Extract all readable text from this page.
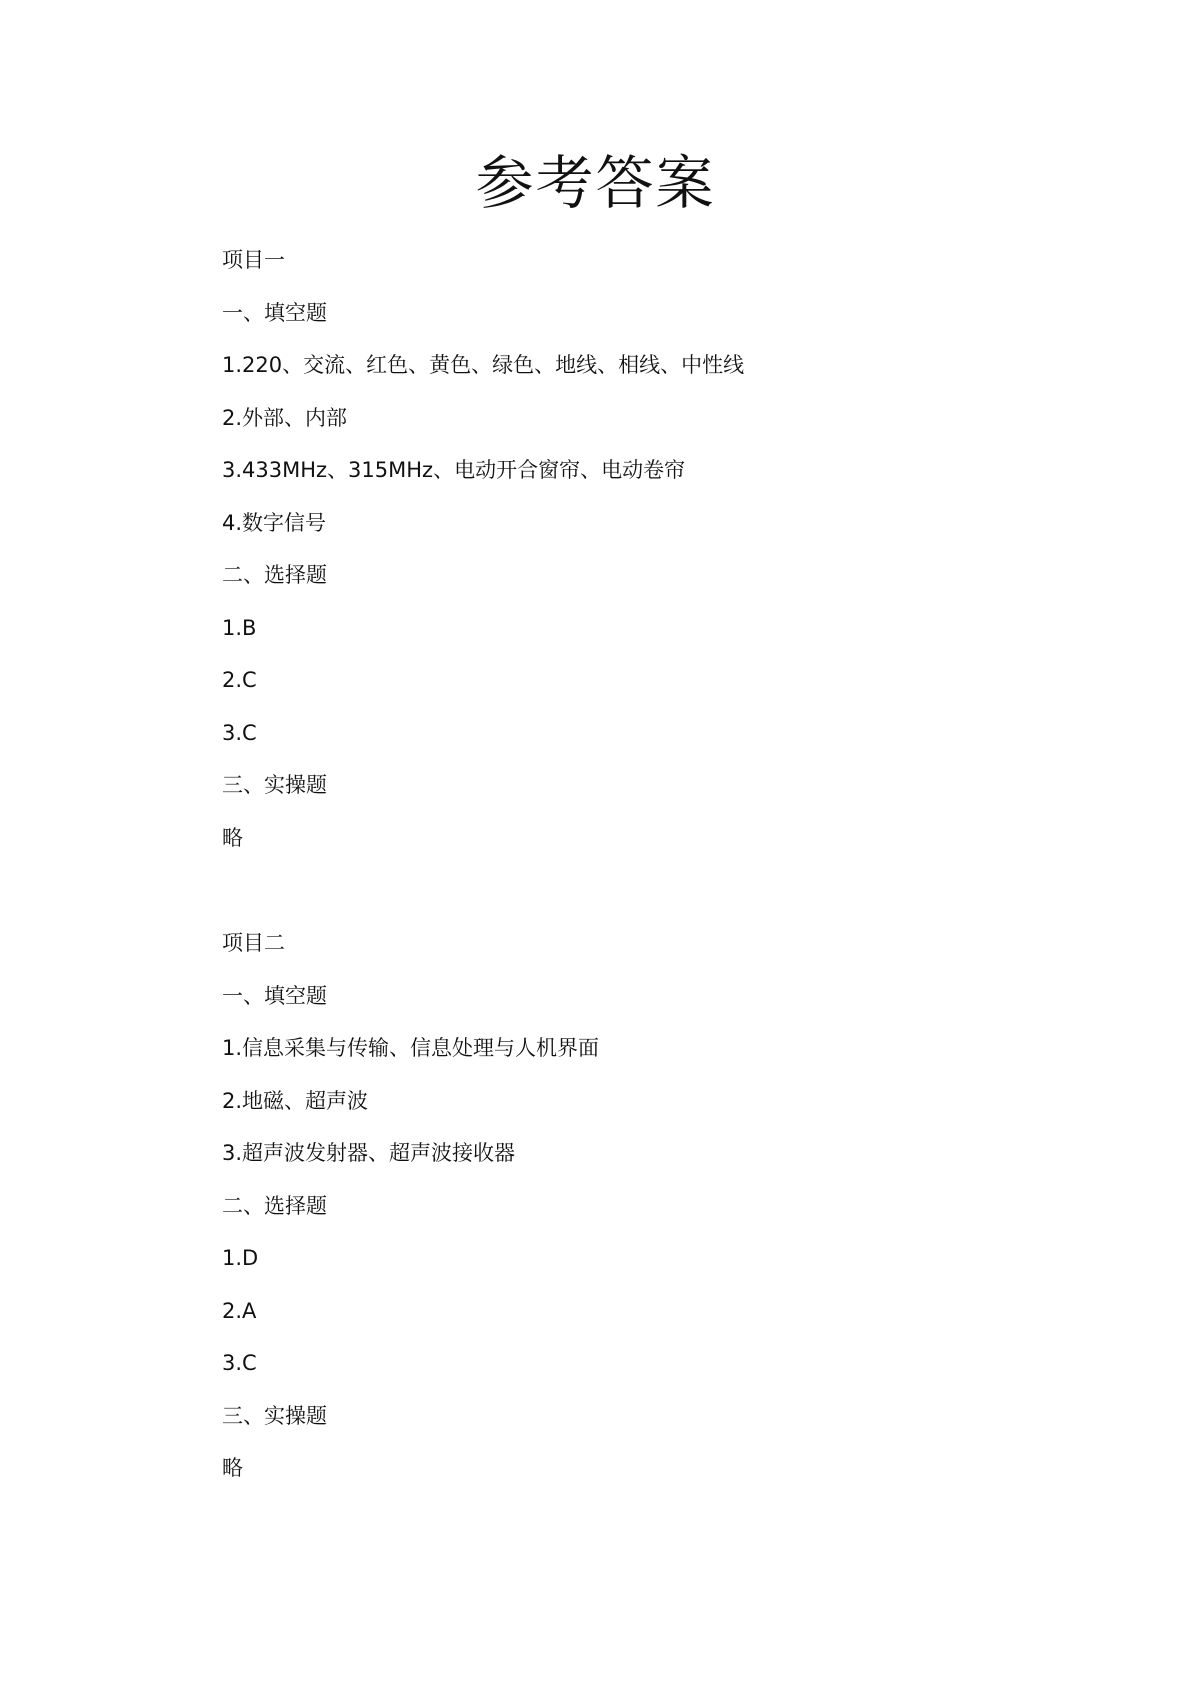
参考答案
项目一
一、填空题
1.220、交流、红色、黄色、绿色、地线、相线、中性线
2.外部、内部
3.433MHz、315MHz、电动开合窗帘、电动卷帘
4.数字信号
二、选择题
1.B
2.C
3.C
三、实操题
略
项目二
一、填空题
1.信息采集与传输、信息处理与人机界面
2.地磁、超声波
3.超声波发射器、超声波接收器
二、选择题
1.D
2.A
3.C
三、实操题
略
